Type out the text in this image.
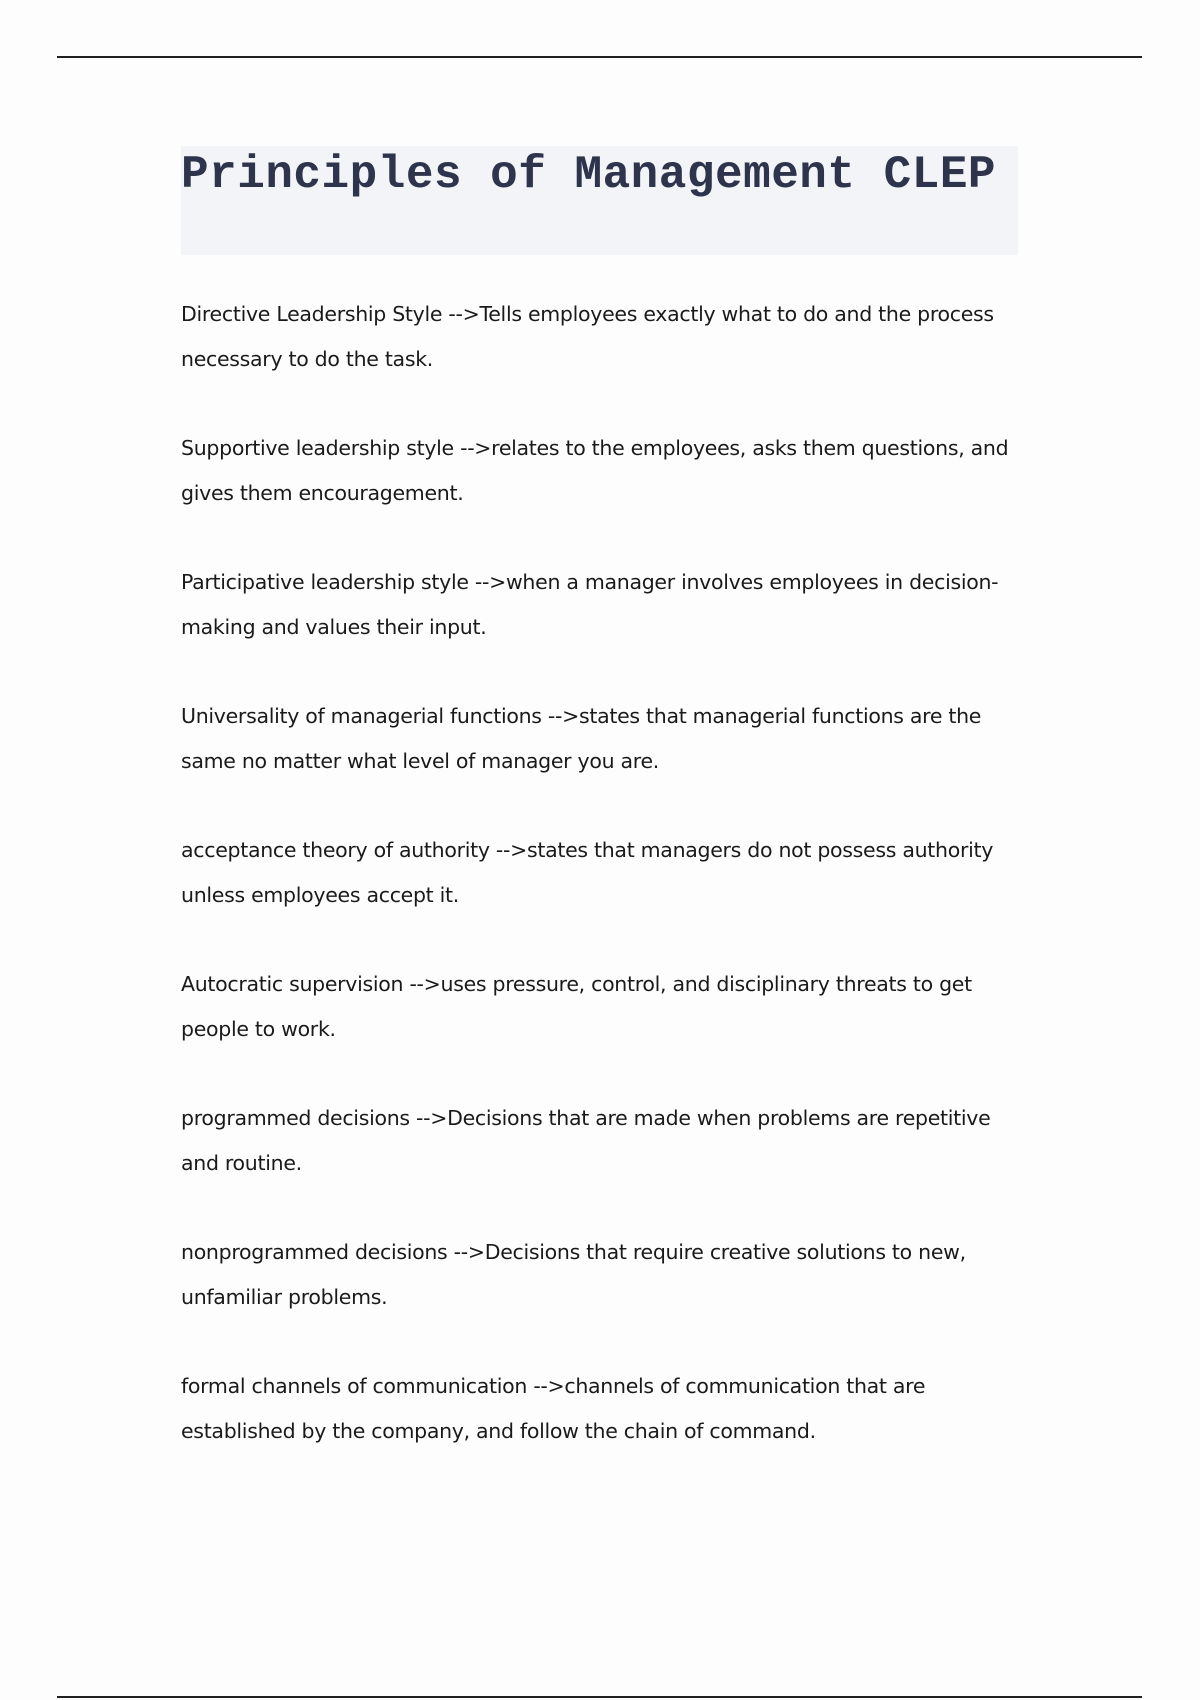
Principles of Management CLEP

Directive Leadership Style -->Tells employees exactly what to do and the process necessary to do the task.

Supportive leadership style -->relates to the employees, asks them questions, and gives them encouragement.

Participative leadership style -->when a manager involves employees in decision-making and values their input.

Universality of managerial functions -->states that managerial functions are the same no matter what level of manager you are.

acceptance theory of authority -->states that managers do not possess authority unless employees accept it.

Autocratic supervision -->uses pressure, control, and disciplinary threats to get people to work.

programmed decisions -->Decisions that are made when problems are repetitive and routine.

nonprogrammed decisions -->Decisions that require creative solutions to new, unfamiliar problems.

formal channels of communication -->channels of communication that are established by the company, and follow the chain of command.
